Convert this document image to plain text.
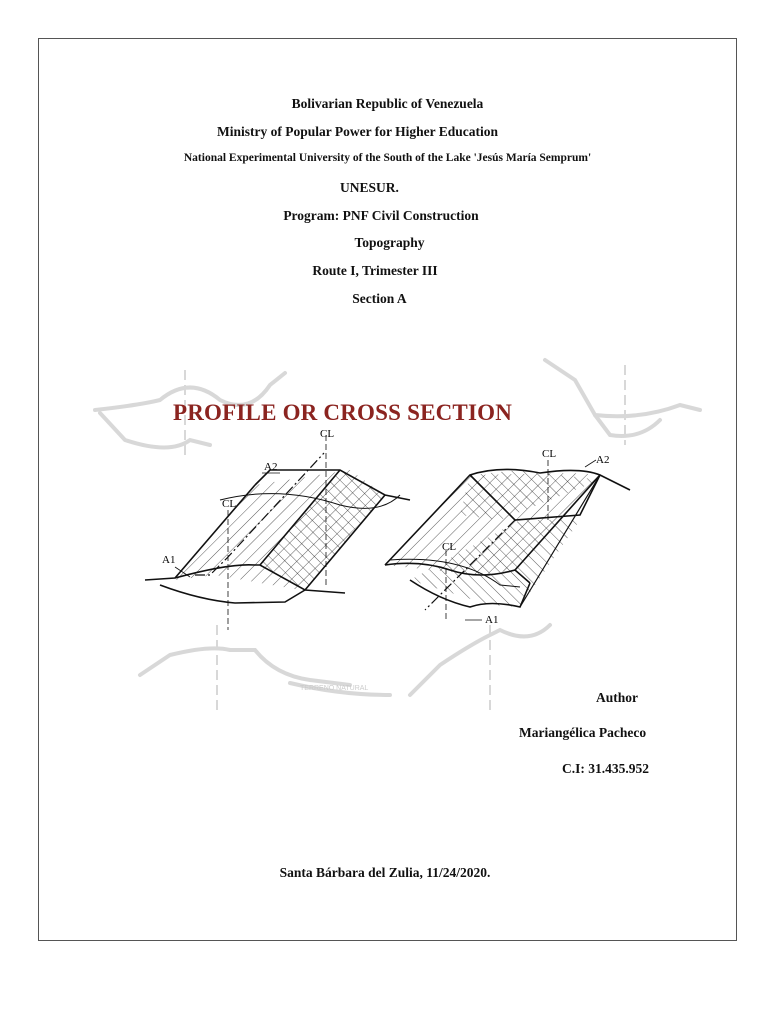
Bolivarian Republic of Venezuela
Ministry of Popular Power for Higher Education
National Experimental University of the South of the Lake 'Jesús María Semprum'
UNESUR.
Program: PNF Civil Construction
Topography
Route I, Trimester III
Section A
TERRENO NATURAL
CL
CL
A2
A1
CL
CL
A2
A1
PROFILE OR CROSS SECTION
Author
Mariangélica Pacheco
C.I: 31.435.952
Santa Bárbara del Zulia, 11/24/2020.
